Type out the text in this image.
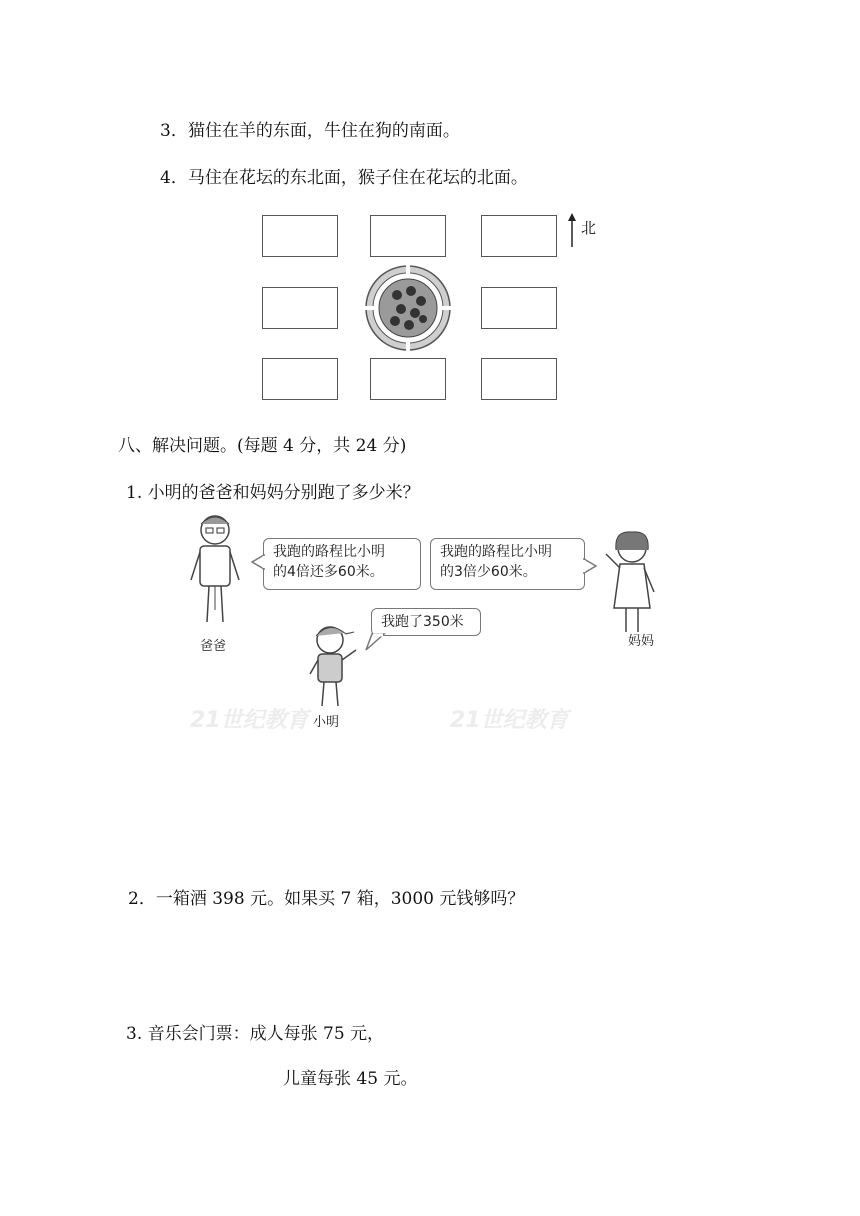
3．猫住在羊的东面，牛住在狗的南面。
4．马住在花坛的东北面，猴子住在花坛的北面。
北
八、解决问题。(每题 4 分，共 24 分)
1. 小明的爸爸和妈妈分别跑了多少米？
21世纪教育	21世纪教育
爸爸
我跑的路程比小明
的4倍还多60米。
我跑的路程比小明
的3倍少60米。
妈妈
我跑了350米
小明
2．一箱酒 398 元。如果买 7 箱，3000 元钱够吗？
3. 音乐会门票：成人每张 75 元，
儿童每张 45 元。
